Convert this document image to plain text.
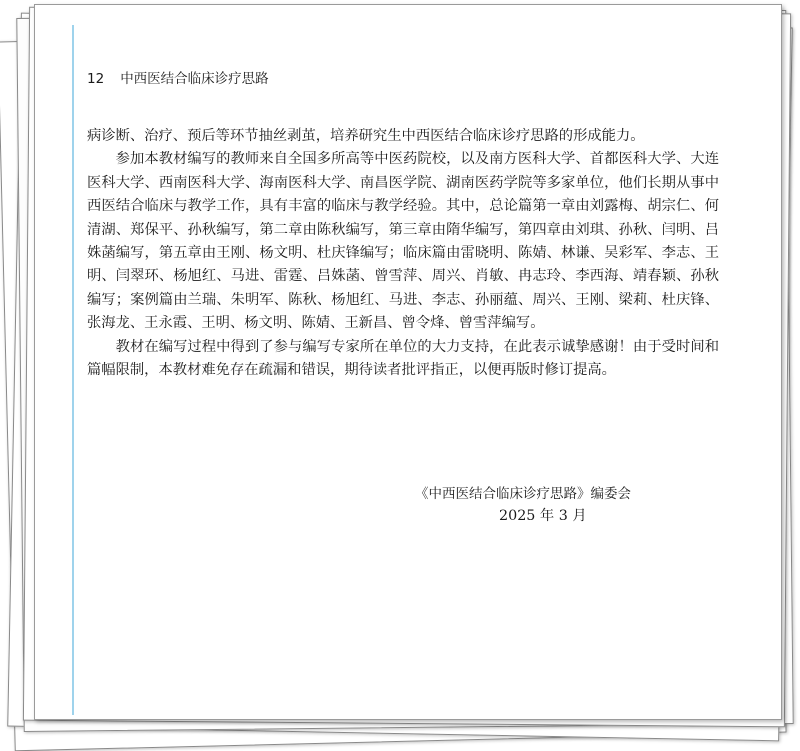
12 中西医结合临床诊疗思路

病诊断、治疗、预后等环节抽丝剥茧，培养研究生中西医结合临床诊疗思路的形成能力。

参加本教材编写的教师来自全国多所高等中医药院校，以及南方医科大学、首都医科大学、大连医科大学、西南医科大学、海南医科大学、南昌医学院、湖南医药学院等多家单位，他们长期从事中西医结合临床与教学工作，具有丰富的临床与教学经验。其中，总论篇第一章由刘露梅、胡宗仁、何清湖、郑保平、孙秋编写，第二章由陈秋编写，第三章由隋华编写，第四章由刘琪、孙秋、闫明、吕姝菡编写，第五章由王刚、杨文明、杜庆锋编写；临床篇由雷晓明、陈婧、林谦、吴彩军、李志、王明、闫翠环、杨旭红、马进、雷霆、吕姝菡、曾雪萍、周兴、肖敏、冉志玲、李西海、靖春颖、孙秋编写；案例篇由兰瑞、朱明军、陈秋、杨旭红、马进、李志、孙丽蕴、周兴、王刚、梁莉、杜庆锋、张海龙、王永霞、王明、杨文明、陈婧、王新昌、曾令烽、曾雪萍编写。

教材在编写过程中得到了参与编写专家所在单位的大力支持，在此表示诚挚感谢！由于受时间和篇幅限制，本教材难免存在疏漏和错误，期待读者批评指正，以便再版时修订提高。

《中西医结合临床诊疗思路》编委会
2025 年 3 月
